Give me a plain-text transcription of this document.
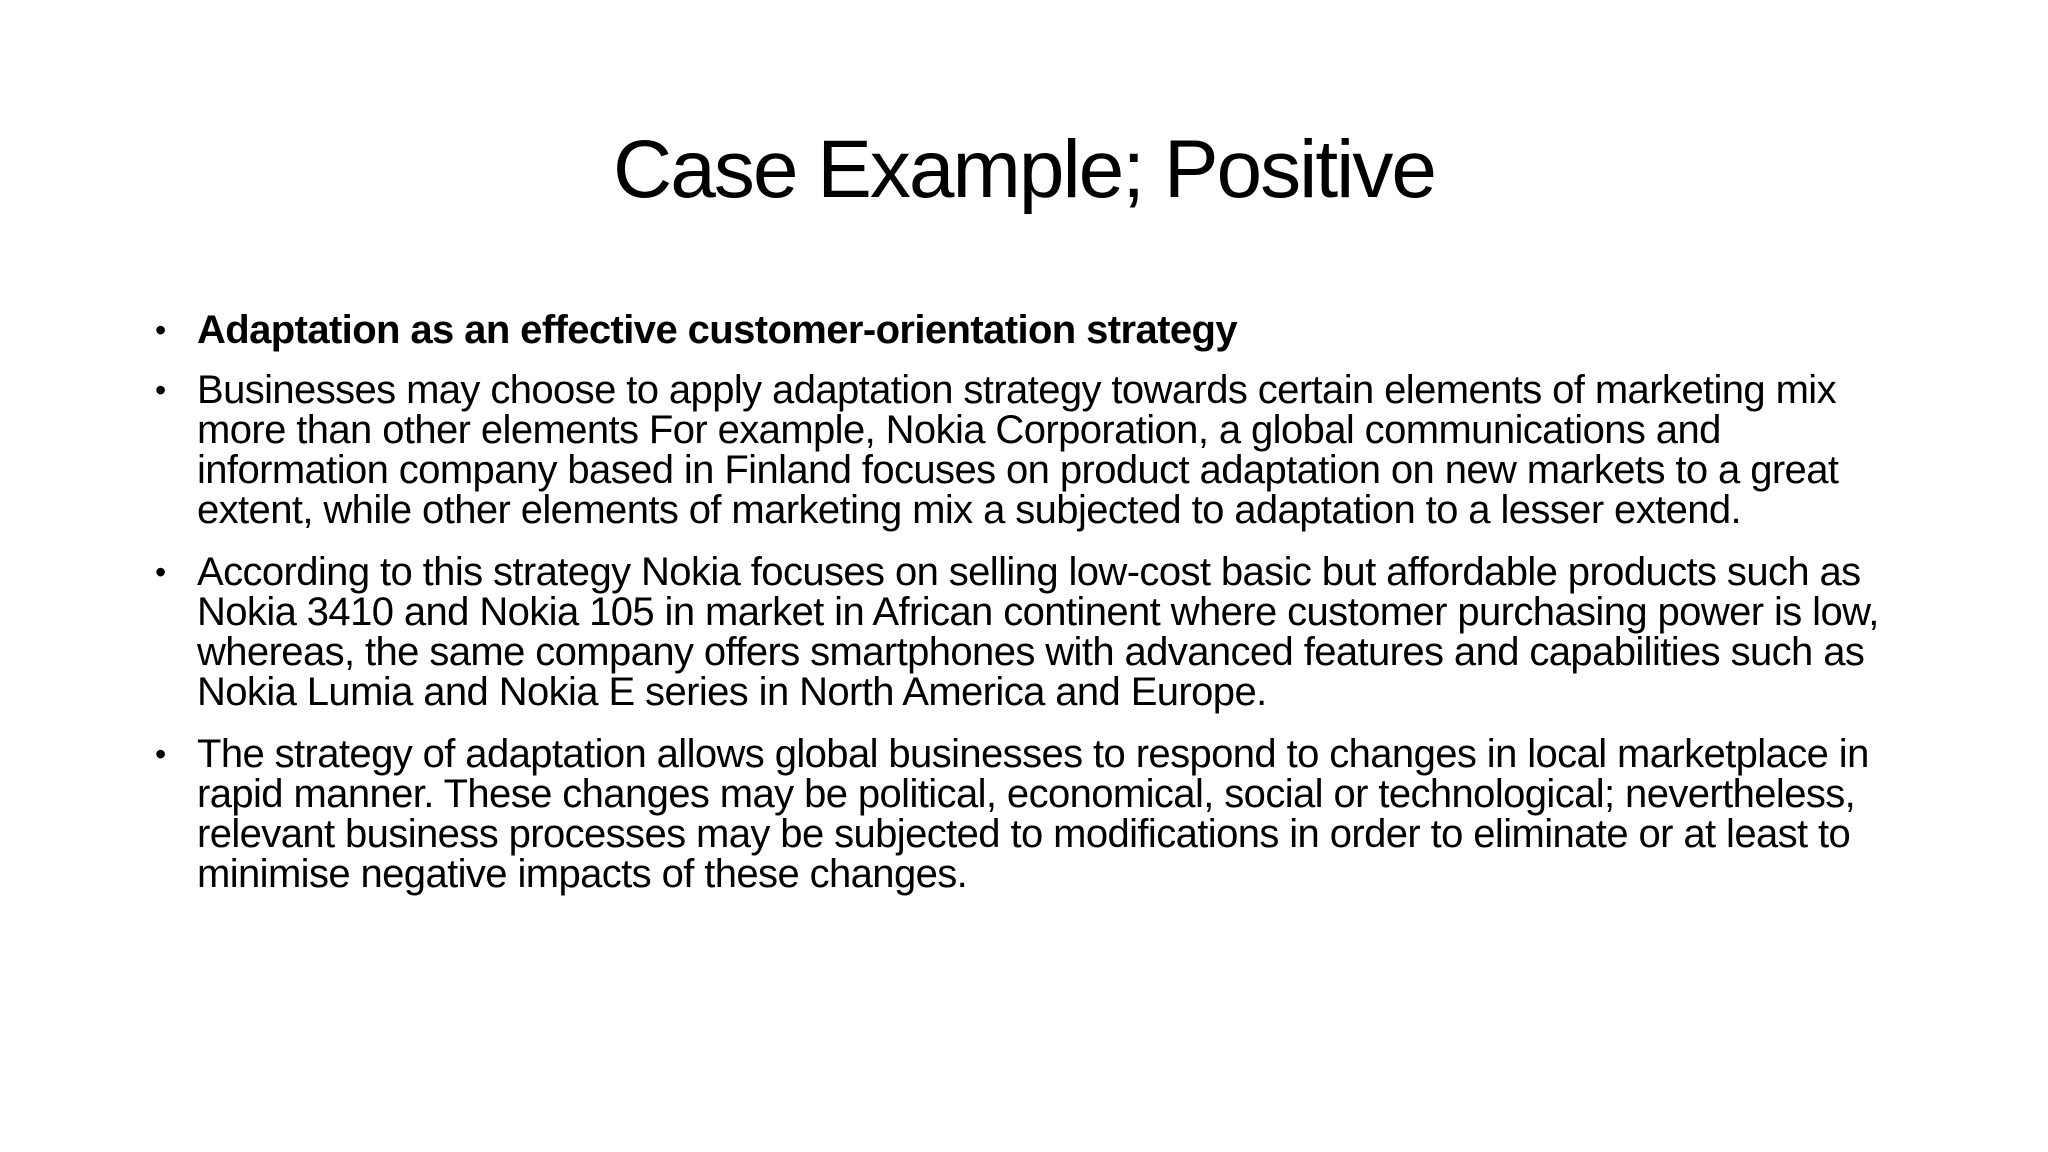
Case Example; Positive
• Adaptation as an effective customer-orientation strategy
• Businesses may choose to apply adaptation strategy towards certain elements of marketing mix more than other elements For example, Nokia Corporation, a global communications and information company based in Finland focuses on product adaptation on new markets to a great extent, while other elements of marketing mix a subjected to adaptation to a lesser extend.
• According to this strategy Nokia focuses on selling low-cost basic but affordable products such as Nokia 3410 and Nokia 105 in market in African continent where customer purchasing power is low, whereas, the same company offers smartphones with advanced features and capabilities such as Nokia Lumia and Nokia E series in North America and Europe.
• The strategy of adaptation allows global businesses to respond to changes in local marketplace in rapid manner. These changes may be political, economical, social or technological; nevertheless, relevant business processes may be subjected to modifications in order to eliminate or at least to minimise negative impacts of these changes.
